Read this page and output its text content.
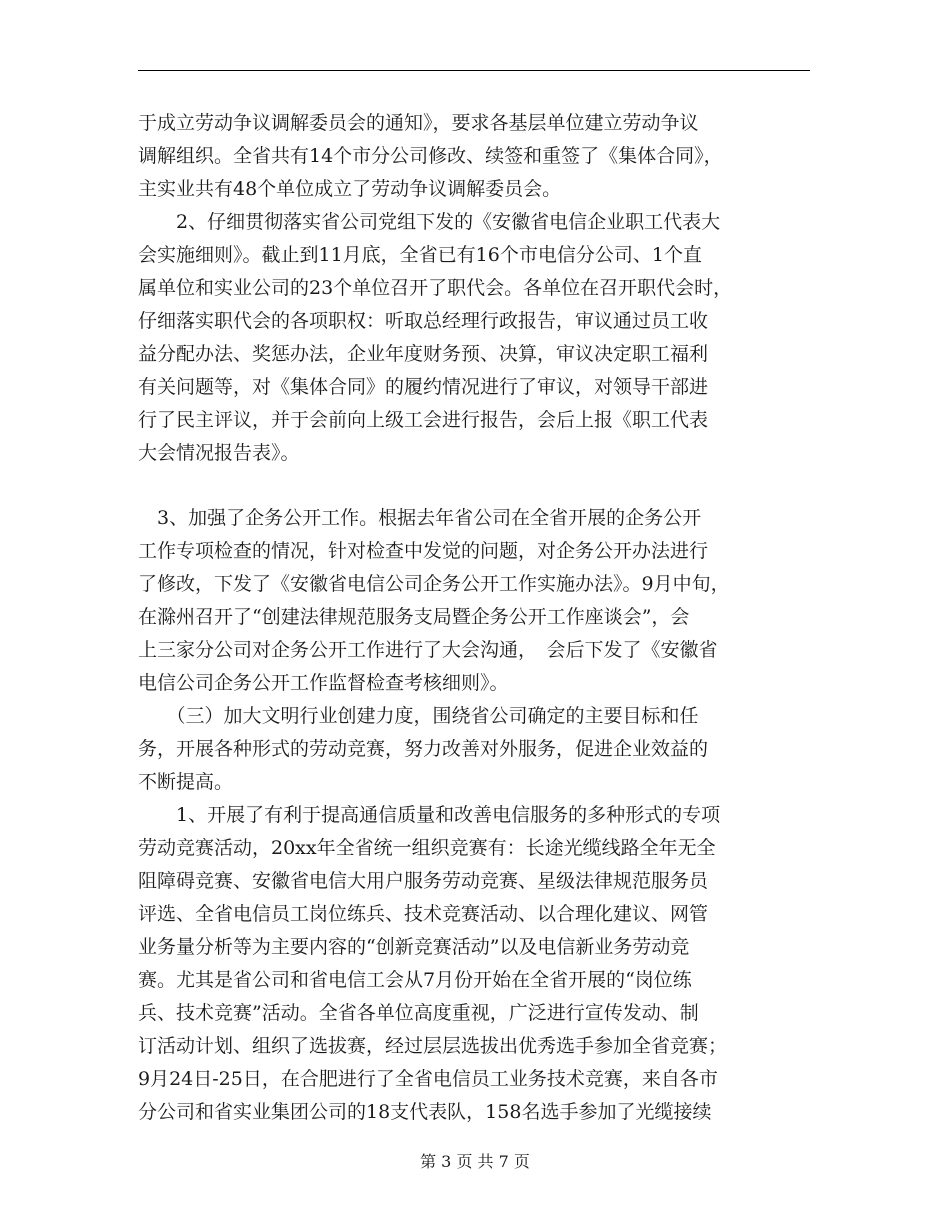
于成立劳动争议调解委员会的通知》，要求各基层单位建立劳动争议
调解组织。全省共有14个市分公司修改、续签和重签了《集体合同》，
主实业共有48个单位成立了劳动争议调解委员会。
　　2、仔细贯彻落实省公司党组下发的《安徽省电信企业职工代表大
会实施细则》。截止到11月底，全省已有16个市电信分公司、1个直
属单位和实业公司的23个单位召开了职代会。各单位在召开职代会时，
仔细落实职代会的各项职权：听取总经理行政报告，审议通过员工收
益分配办法、奖惩办法，企业年度财务预、决算，审议决定职工福利
有关问题等，对《集体合同》的履约情况进行了审议，对领导干部进
行了民主评议，并于会前向上级工会进行报告，会后上报《职工代表
大会情况报告表》。
　3、加强了企务公开工作。根据去年省公司在全省开展的企务公开
工作专项检查的情况，针对检查中发觉的问题，对企务公开办法进行
了修改，下发了《安徽省电信公司企务公开工作实施办法》。9月中旬，
在滁州召开了“创建法律规范服务支局暨企务公开工作座谈会”，会
上三家分公司对企务公开工作进行了大会沟通，　会后下发了《安徽省
电信公司企务公开工作监督检查考核细则》。
　　（三）加大文明行业创建力度，围绕省公司确定的主要目标和任
务，开展各种形式的劳动竞赛，努力改善对外服务，促进企业效益的
不断提高。
　　1、开展了有利于提高通信质量和改善电信服务的多种形式的专项
劳动竞赛活动，20xx年全省统一组织竞赛有：长途光缆线路全年无全
阻障碍竞赛、安徽省电信大用户服务劳动竞赛、星级法律规范服务员
评选、全省电信员工岗位练兵、技术竞赛活动、以合理化建议、网管
业务量分析等为主要内容的“创新竞赛活动”以及电信新业务劳动竞
赛。尤其是省公司和省电信工会从7月份开始在全省开展的“岗位练
兵、技术竞赛”活动。全省各单位高度重视，广泛进行宣传发动、制
订活动计划、组织了选拔赛，经过层层选拔出优秀选手参加全省竞赛；
9月24日-25日，在合肥进行了全省电信员工业务技术竞赛，来自各市
分公司和省实业集团公司的18支代表队，158名选手参加了光缆接续
第 3 页 共 7 页
